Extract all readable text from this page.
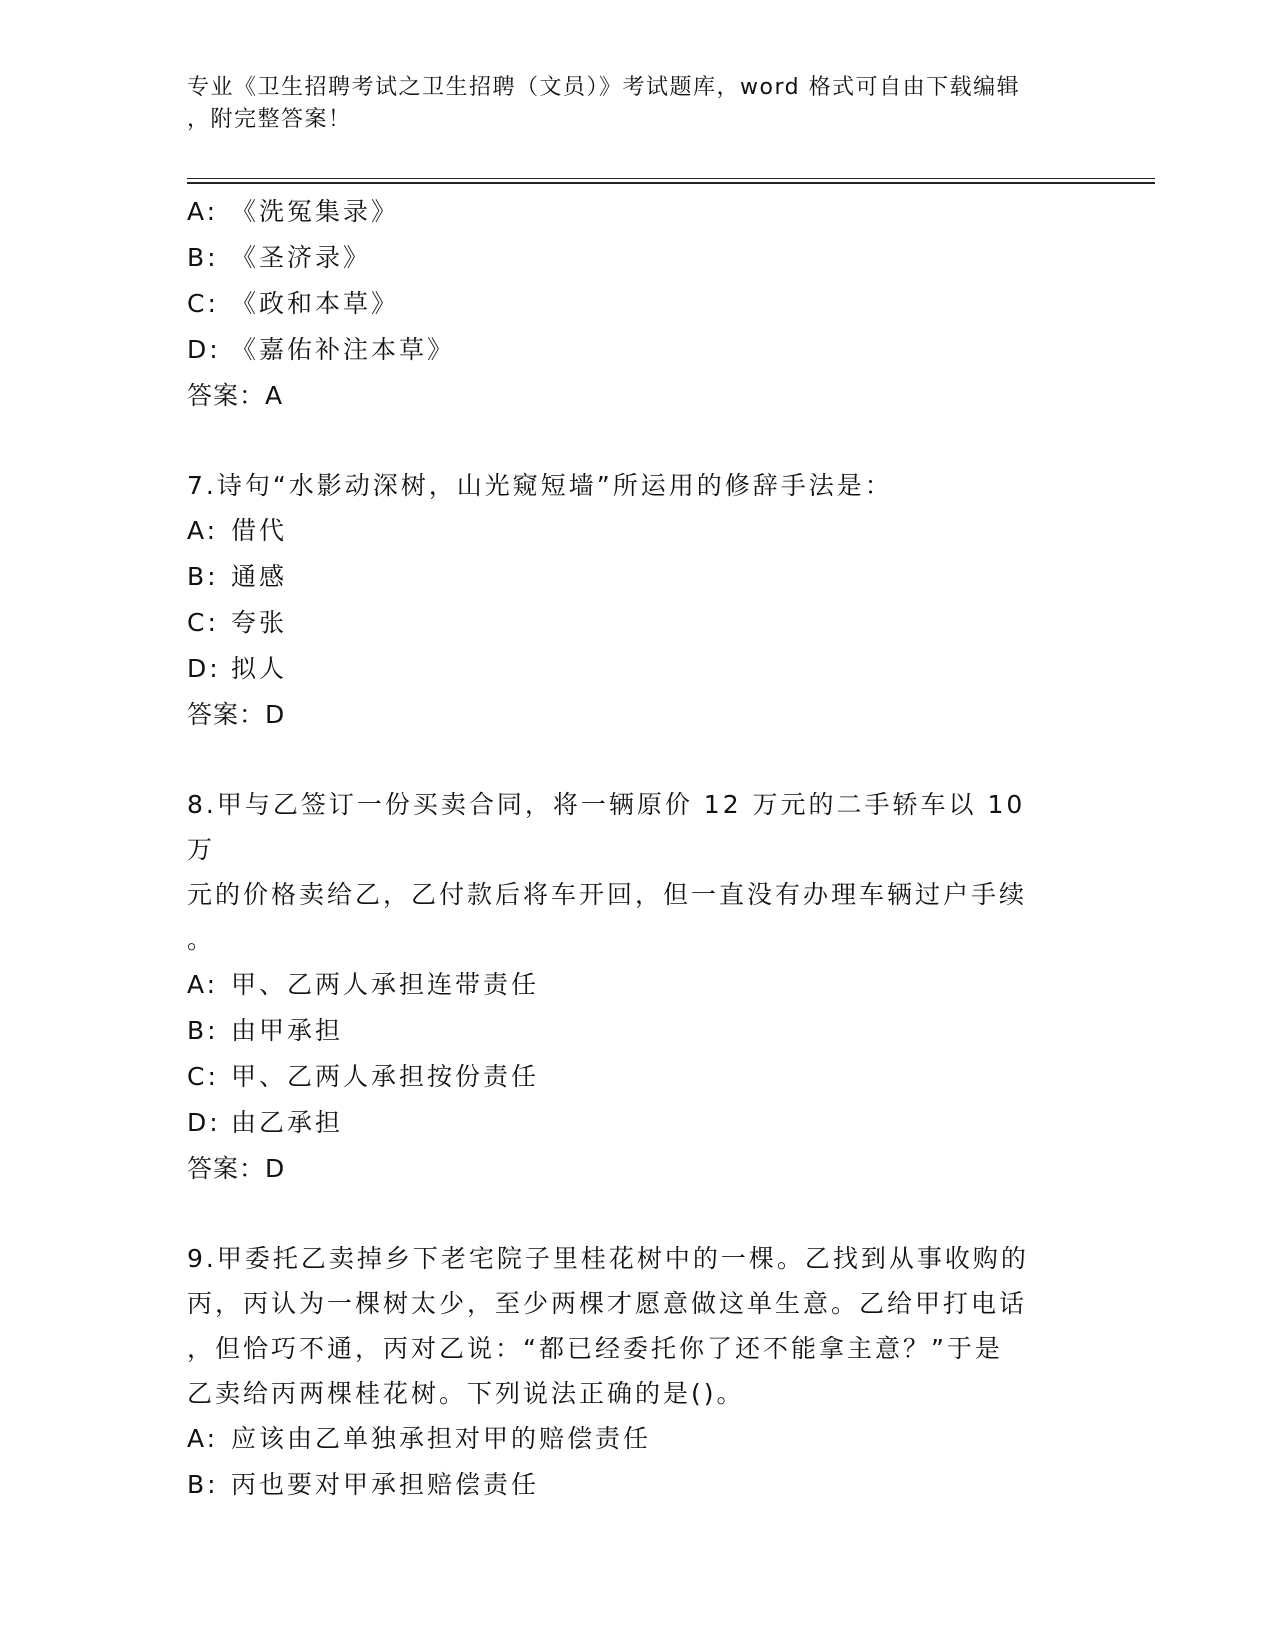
专业《卫生招聘考试之卫生招聘（文员）》考试题库，word 格式可自由下载编辑
，附完整答案！
A: 《洗冤集录》
B: 《圣济录》
C: 《政和本草》
D: 《嘉佑补注本草》
答案：A
7.诗句“水影动深树，山光窥短墙”所运用的修辞手法是：
A: 借代
B: 通感
C: 夸张
D: 拟人
答案：D
8.甲与乙签订一份买卖合同，将一辆原价 12 万元的二手轿车以 10 万
元的价格卖给乙，乙付款后将车开回，但一直没有办理车辆过户手续
。
A: 甲、乙两人承担连带责任
B: 由甲承担
C: 甲、乙两人承担按份责任
D: 由乙承担
答案：D
9.甲委托乙卖掉乡下老宅院子里桂花树中的一棵。乙找到从事收购的
丙，丙认为一棵树太少，至少两棵才愿意做这单生意。乙给甲打电话
，但恰巧不通，丙对乙说：“都已经委托你了还不能拿主意？”于是
乙卖给丙两棵桂花树。下列说法正确的是()。
A: 应该由乙单独承担对甲的赔偿责任
B: 丙也要对甲承担赔偿责任
